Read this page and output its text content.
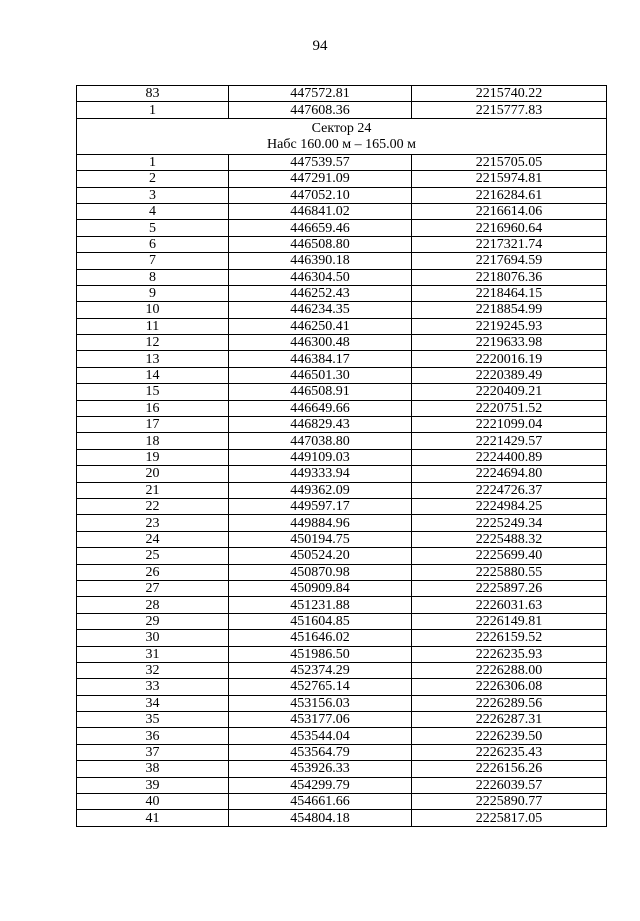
94
83	447572.81	2215740.22
1	447608.36	2215777.83

Сектор 24
Набс 160.00 м – 165.00 м		

1	447539.57	2215705.05
2	447291.09	2215974.81
3	447052.10	2216284.61
4	446841.02	2216614.06
5	446659.46	2216960.64
6	446508.80	2217321.74
7	446390.18	2217694.59
8	446304.50	2218076.36
9	446252.43	2218464.15
10	446234.35	2218854.99
11	446250.41	2219245.93
12	446300.48	2219633.98
13	446384.17	2220016.19
14	446501.30	2220389.49
15	446508.91	2220409.21
16	446649.66	2220751.52
17	446829.43	2221099.04
18	447038.80	2221429.57
19	449109.03	2224400.89
20	449333.94	2224694.80
21	449362.09	2224726.37
22	449597.17	2224984.25
23	449884.96	2225249.34
24	450194.75	2225488.32
25	450524.20	2225699.40
26	450870.98	2225880.55
27	450909.84	2225897.26
28	451231.88	2226031.63
29	451604.85	2226149.81
30	451646.02	2226159.52
31	451986.50	2226235.93
32	452374.29	2226288.00
33	452765.14	2226306.08
34	453156.03	2226289.56
35	453177.06	2226287.31
36	453544.04	2226239.50
37	453564.79	2226235.43
38	453926.33	2226156.26
39	454299.79	2226039.57
40	454661.66	2225890.77
41	454804.18	2225817.05
